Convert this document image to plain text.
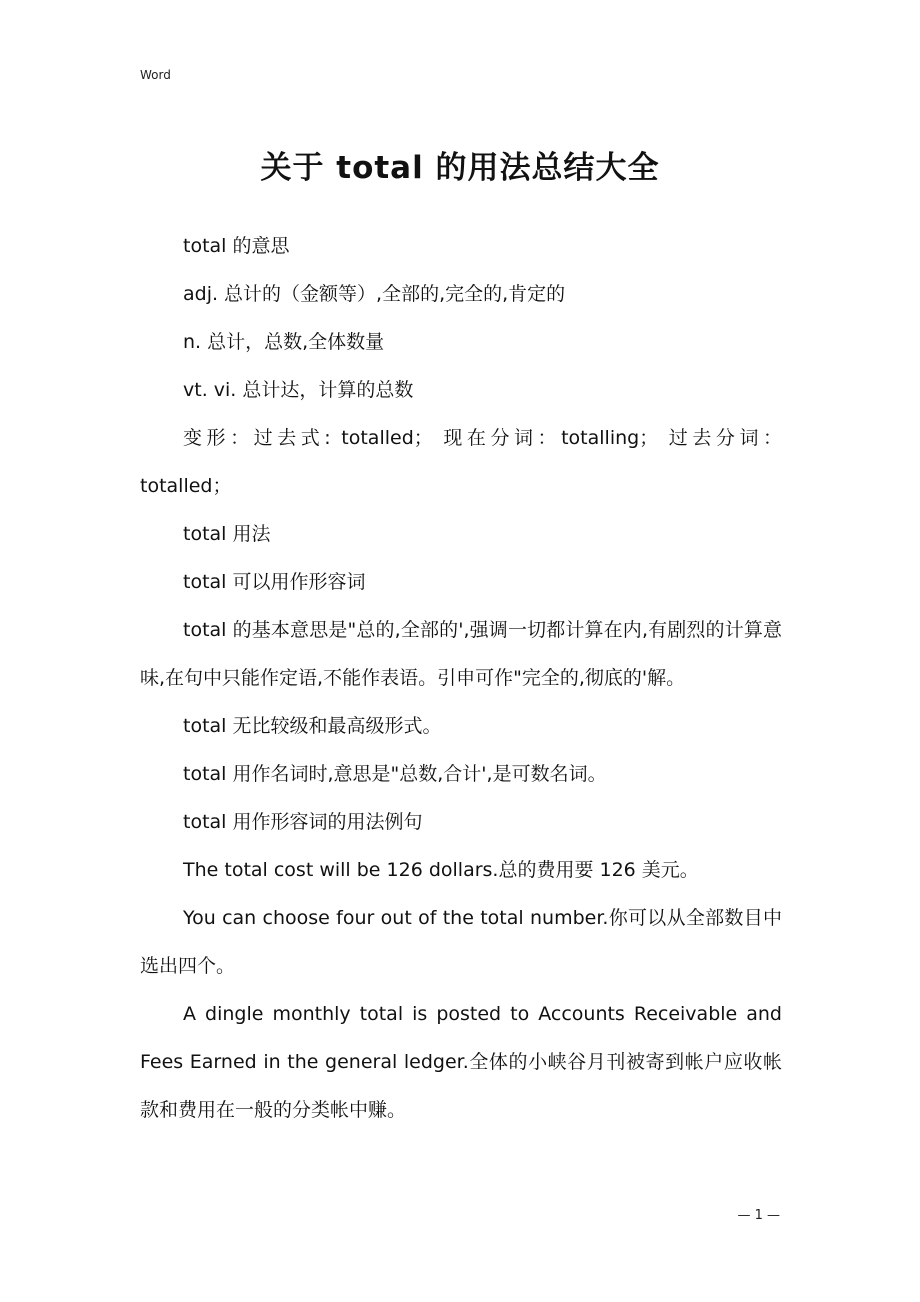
Word
关于 total 的用法总结大全

total 的意思

adj. 总计的（金额等）,全部的,完全的,肯定的

n. 总计，总数,全体数量

vt. vi. 总计达，计算的总数

变形：过去式: totalled； 现在分词：totalling； 过去分词：totalled；

total 用法

total 可以用作形容词

total 的基本意思是"总的,全部的',强调一切都计算在内,有剧烈的计算意味,在句中只能作定语,不能作表语。引申可作"完全的,彻底的'解。

total 无比较级和最高级形式。

total 用作名词时,意思是"总数,合计',是可数名词。

total 用作形容词的用法例句

The total cost will be 126 dollars.总的费用要 126 美元。

You can choose four out of the total number.你可以从全部数目中选出四个。

A dingle monthly total is posted to Accounts Receivable and Fees Earned in the general ledger.全体的小峡谷月刊被寄到帐户应收帐款和费用在一般的分类帐中赚。

— 1 —
